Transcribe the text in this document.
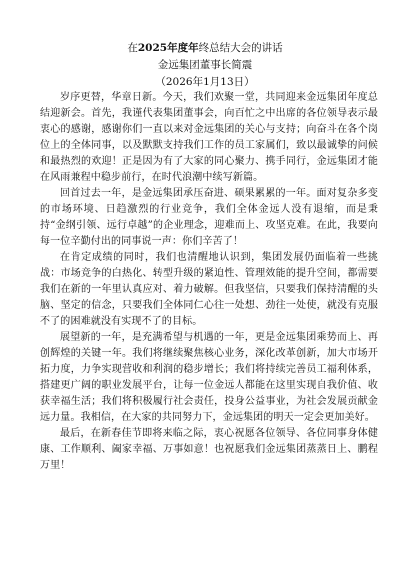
在2025年度年终总结大会的讲话
金远集团董事长简震
（2026年1月13日）

岁序更替，华章日新。今天，我们欢聚一堂，共同迎来金远集团年度总结迎新会。首先，我谨代表集团董事会，向百忙之中出席的各位领导表示最衷心的感谢，感谢你们一直以来对金远集团的关心与支持；向奋斗在各个岗位上的全体同事，以及默默支持我们工作的员工家属们，致以最诚挚的问候和最热烈的欢迎！正是因为有了大家的同心聚力、携手同行，金远集团才能在风雨兼程中稳步前行，在时代浪潮中续写新篇。

回首过去一年，是金远集团承压奋进、硕果累累的一年。面对复杂多变的市场环境、日趋激烈的行业竞争，我们全体金远人没有退缩，而是秉持“金纲引领、远行卓越”的企业理念，迎难而上、攻坚克难。在此，我要向每一位辛勤付出的同事说一声：你们辛苦了！

在肯定成绩的同时，我们也清醒地认识到，集团发展仍面临着一些挑战：市场竞争的白热化、转型升级的紧迫性、管理效能的提升空间，都需要我们在新的一年里认真应对、着力破解。但我坚信，只要我们保持清醒的头脑、坚定的信念，只要我们全体同仁心往一处想、劲往一处使，就没有克服不了的困难就没有实现不了的目标。

展望新的一年，是充满希望与机遇的一年，更是金远集团乘势而上、再创辉煌的关键一年。我们将继续聚焦核心业务，深化改革创新，加大市场开拓力度，力争实现营收和利润的稳步增长；我们将持续完善员工福利体系，搭建更广阔的职业发展平台，让每一位金远人都能在这里实现自我价值、收获幸福生活；我们将积极履行社会责任，投身公益事业，为社会发展贡献金远力量。我相信，在大家的共同努力下，金远集团的明天一定会更加美好。

最后，在新春佳节即将来临之际，衷心祝愿各位领导、各位同事身体健康、工作顺利、阖家幸福、万事如意！也祝愿我们金远集团蒸蒸日上、鹏程万里！
